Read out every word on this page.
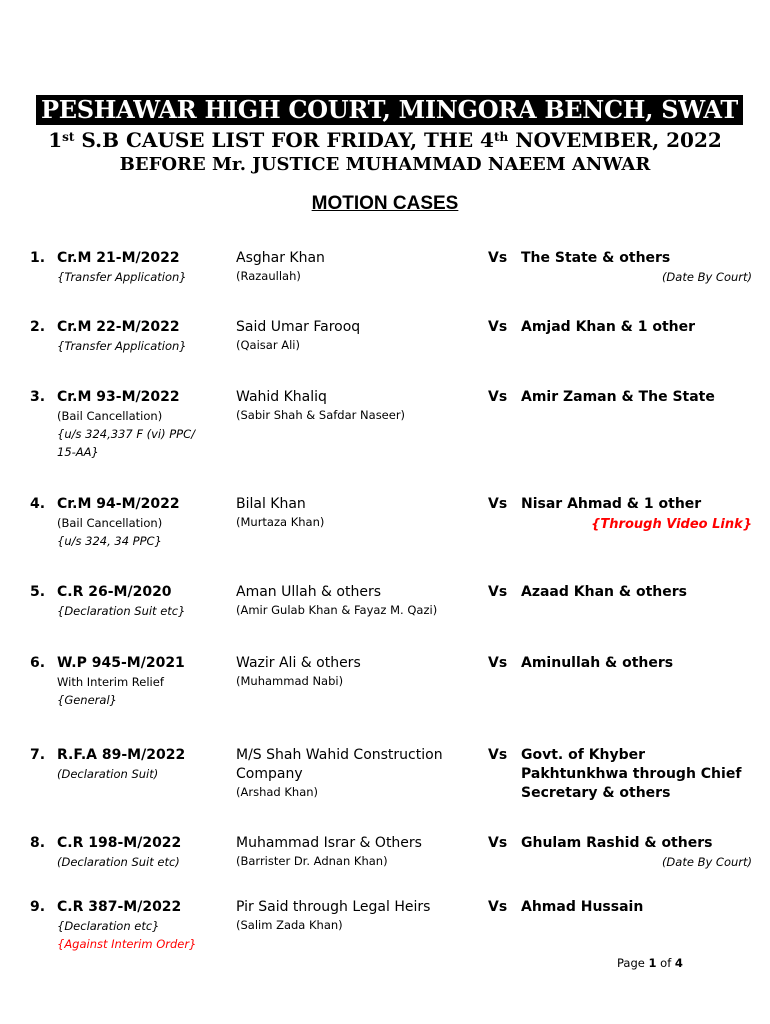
PESHAWAR HIGH COURT, MINGORA BENCH, SWAT
1st S.B CAUSE LIST FOR FRIDAY, THE 4th NOVEMBER, 2022
BEFORE Mr. JUSTICE MUHAMMAD NAEEM ANWAR
MOTION CASES
1. Cr.M 21-M/2022
{Transfer Application}
Asghar Khan
(Razaullah)
Vs The State & others
(Date By Court)
2. Cr.M 22-M/2022
{Transfer Application}
Said Umar Farooq
(Qaisar Ali)
Vs Amjad Khan & 1 other
3. Cr.M 93-M/2022
(Bail Cancellation)
{u/s 324,337 F (vi) PPC/
15-AA}
Wahid Khaliq
(Sabir Shah & Safdar Naseer)
Vs Amir Zaman & The State
4. Cr.M 94-M/2022
(Bail Cancellation)
{u/s 324, 34 PPC}
Bilal Khan
(Murtaza Khan)
Vs Nisar Ahmad & 1 other
{Through Video Link}
5. C.R 26-M/2020
{Declaration Suit etc}
Aman Ullah & others
(Amir Gulab Khan & Fayaz M. Qazi)
Vs Azaad Khan & others
6. W.P 945-M/2021
With Interim Relief
{General}
Wazir Ali & others
(Muhammad Nabi)
Vs Aminullah & others
7. R.F.A 89-M/2022
(Declaration Suit)
M/S Shah Wahid Construction Company
(Arshad Khan)
Vs Govt. of Khyber Pakhtunkhwa through Chief Secretary & others
8. C.R 198-M/2022
(Declaration Suit etc)
Muhammad Israr & Others
(Barrister Dr. Adnan Khan)
Vs Ghulam Rashid & others
(Date By Court)
9. C.R 387-M/2022
{Declaration etc}
{Against Interim Order}
Pir Said through Legal Heirs
(Salim Zada Khan)
Vs Ahmad Hussain
Page 1 of 4
